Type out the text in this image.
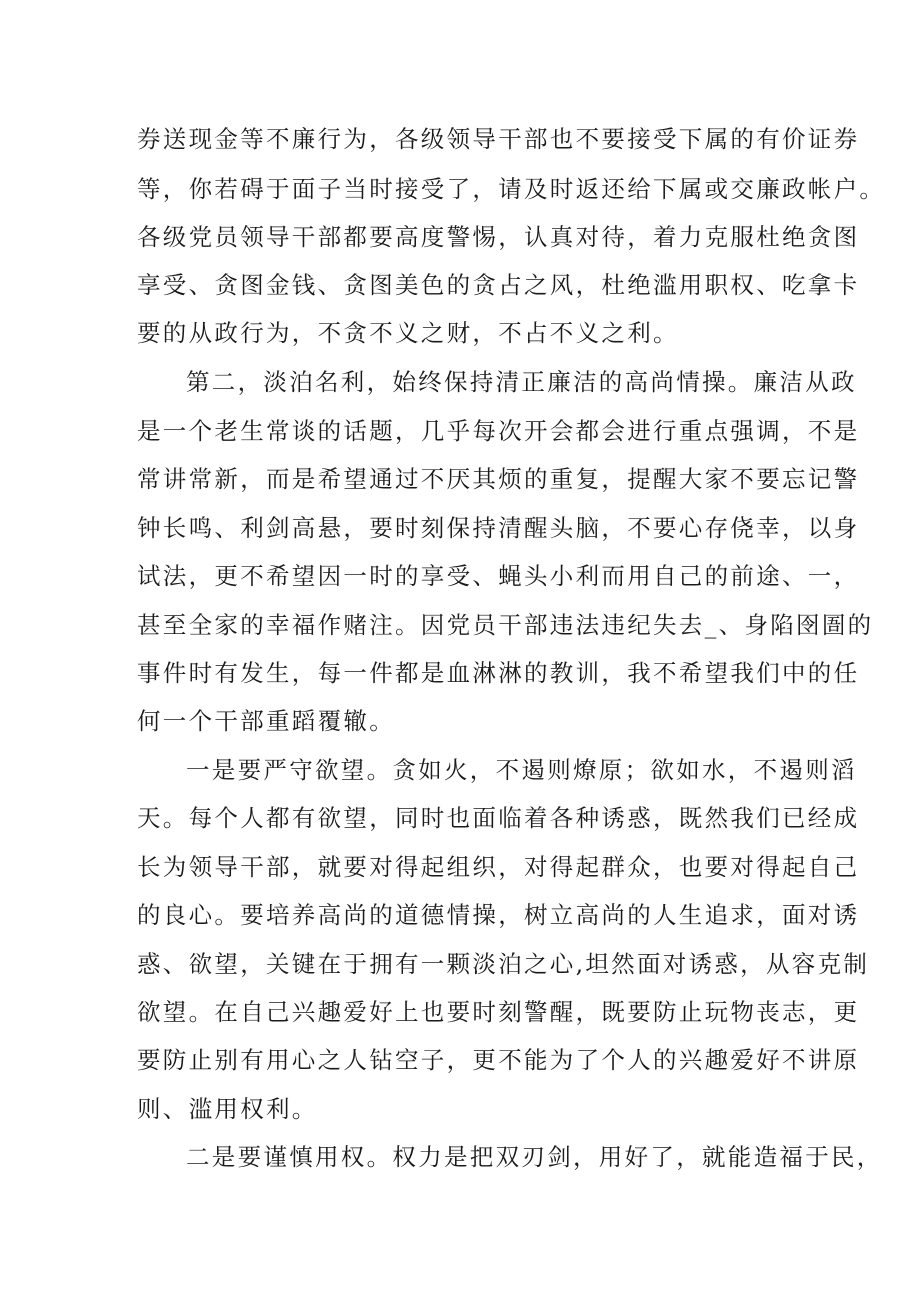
券送现金等不廉行为，各级领导干部也不要接受下属的有价证券
等，你若碍于面子当时接受了，请及时返还给下属或交廉政帐户。
各级党员领导干部都要高度警惕，认真对待，着力克服杜绝贪图
享受、贪图金钱、贪图美色的贪占之风，杜绝滥用职权、吃拿卡
要的从政行为，不贪不义之财，不占不义之利。
第二，淡泊名利，始终保持清正廉洁的高尚情操。廉洁从政
是一个老生常谈的话题，几乎每次开会都会进行重点强调，不是
常讲常新，而是希望通过不厌其烦的重复，提醒大家不要忘记警
钟长鸣、利剑高悬，要时刻保持清醒头脑，不要心存侥幸，以身
试法，更不希望因一时的享受、蝇头小利而用自己的前途、一，
甚至全家的幸福作赌注。因党员干部违法违纪失去_、身陷囹圄的
事件时有发生，每一件都是血淋淋的教训，我不希望我们中的任
何一个干部重蹈覆辙。
一是要严守欲望。贪如火，不遏则燎原；欲如水，不遏则滔
天。每个人都有欲望，同时也面临着各种诱惑，既然我们已经成
长为领导干部，就要对得起组织，对得起群众，也要对得起自己
的良心。要培养高尚的道德情操，树立高尚的人生追求，面对诱
惑、欲望，关键在于拥有一颗淡泊之心,坦然面对诱惑，从容克制
欲望。在自己兴趣爱好上也要时刻警醒，既要防止玩物丧志，更
要防止别有用心之人钻空子，更不能为了个人的兴趣爱好不讲原
则、滥用权利。
二是要谨慎用权。权力是把双刃剑，用好了，就能造福于民，
